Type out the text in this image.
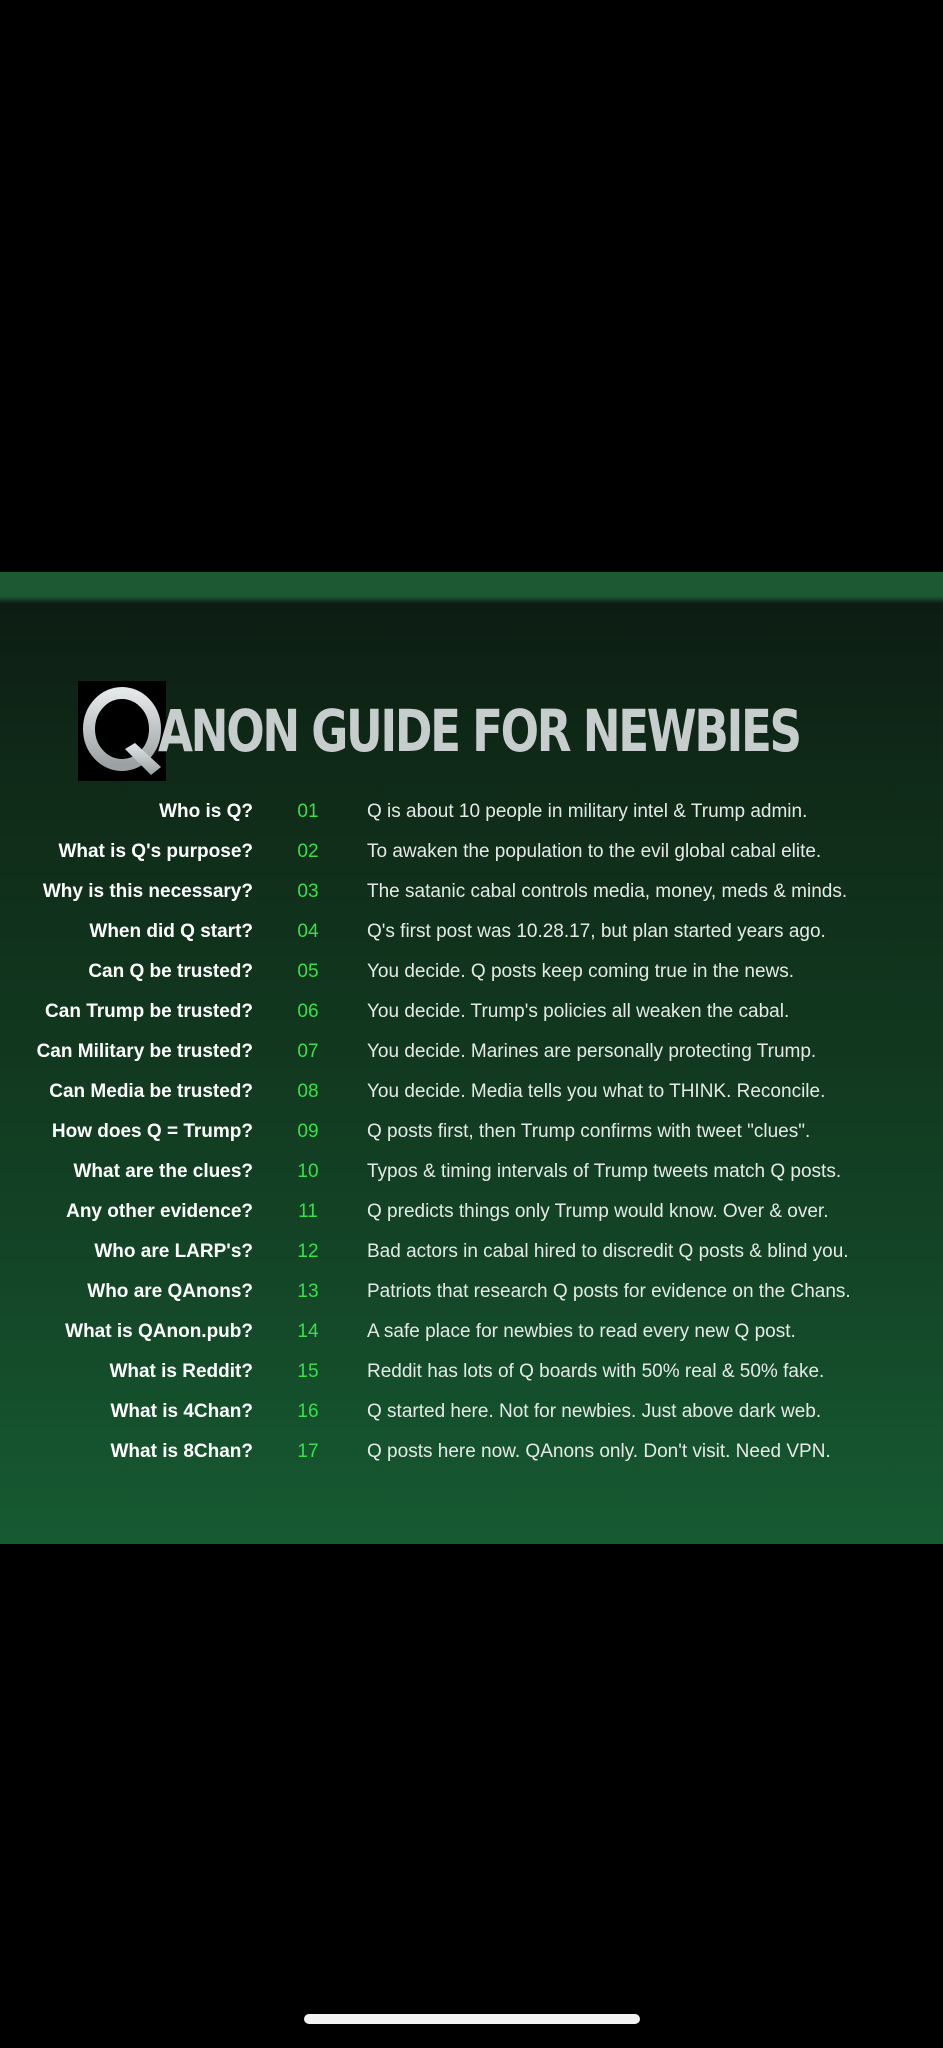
ANON GUIDE FOR NEWBIES
Who is Q?	01	Q is about 10 people in military intel & Trump admin.
What is Q's purpose?	02	To awaken the population to the evil global cabal elite.
Why is this necessary?	03	The satanic cabal controls media, money, meds & minds.
When did Q start?	04	Q's first post was 10.28.17, but plan started years ago.
Can Q be trusted?	05	You decide. Q posts keep coming true in the news.
Can Trump be trusted?	06	You decide. Trump's policies all weaken the cabal.
Can Military be trusted?	07	You decide. Marines are personally protecting Trump.
Can Media be trusted?	08	You decide. Media tells you what to THINK. Reconcile.
How does Q = Trump?	09	Q posts first, then Trump confirms with tweet "clues".
What are the clues?	10	Typos & timing intervals of Trump tweets match Q posts.
Any other evidence?	11	Q predicts things only Trump would know. Over & over.
Who are LARP's?	12	Bad actors in cabal hired to discredit Q posts & blind you.
Who are QAnons?	13	Patriots that research Q posts for evidence on the Chans.
What is QAnon.pub?	14	A safe place for newbies to read every new Q post.
What is Reddit?	15	Reddit has lots of Q boards with 50% real & 50% fake.
What is 4Chan?	16	Q started here. Not for newbies. Just above dark web.
What is 8Chan?	17	Q posts here now. QAnons only. Don't visit. Need VPN.
